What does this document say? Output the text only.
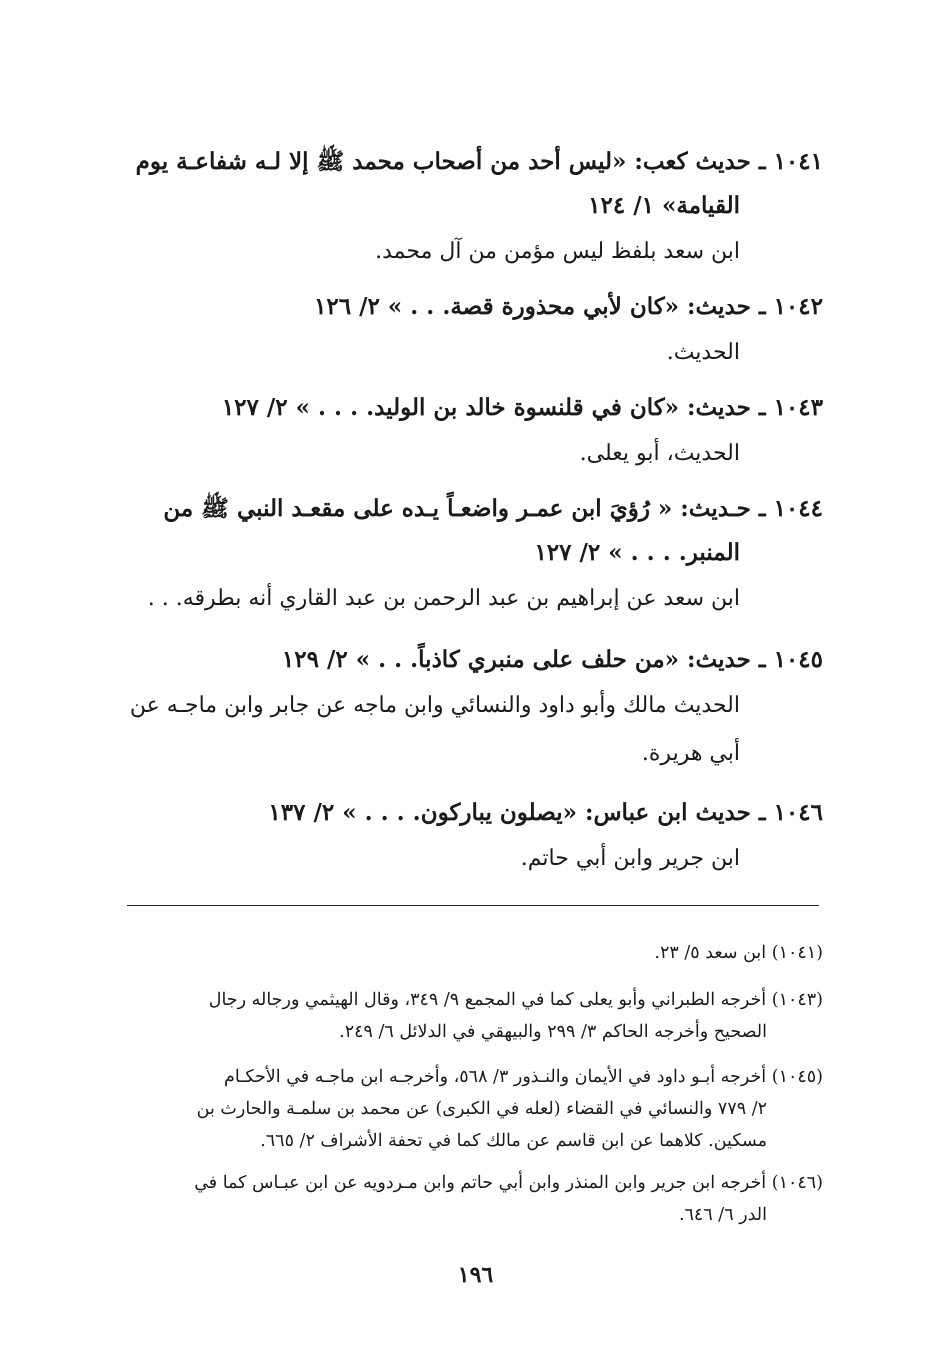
١٠٤١ ـ حديث كعب: «ليس أحد من أصحاب محمد ﷺ إلا لـه شفاعـة يوم
القيامة» ١/ ١٢٤
ابن سعد بلفظ ليس مؤمن من آل محمد.
١٠٤٢ ـ حديث: «كان لأبي محذورة قصة. . . » ٢/ ١٢٦
الحديث.
١٠٤٣ ـ حديث: «كان في قلنسوة خالد بن الوليد. . . . » ٢/ ١٢٧
الحديث، أبو يعلى.
١٠٤٤ ـ حـديث: « رُؤيَ ابن عمـر واضعـاً يـده على مقعـد النبي ﷺ من
المنبر. . . . » ٢/ ١٢٧
ابن سعد عن إبراهيم بن عبد الرحمن بن عبد القاري أنه بطرقه. . .
١٠٤٥ ـ حديث: «من حلف على منبري كاذباً. . . » ٢/ ١٢٩
الحديث مالك وأبو داود والنسائي وابن ماجه عن جابر وابن ماجـه عن
أبي هريرة.
١٠٤٦ ـ حديث ابن عباس: «يصلون يباركون. . . . » ٢/ ١٣٧
ابن جرير وابن أبي حاتم.
(١٠٤١) ابن سعد ٥/ ٢٣.
(١٠٤٣) أخرجه الطبراني وأبو يعلى كما في المجمع ٩/ ٣٤٩، وقال الهيثمي ورجاله رجال
الصحيح وأخرجه الحاكم ٣/ ٢٩٩ والبيهقي في الدلائل ٦/ ٢٤٩.
(١٠٤٥) أخرجه أبـو داود في الأيمان والنـذور ٣/ ٥٦٨، وأخرجـه ابن ماجـه في الأحكـام
٢/ ٧٧٩ والنسائي في القضاء (لعله في الكبرى) عن محمد بن سلمـة والحارث بن
مسكين. كلاهما عن ابن قاسم عن مالك كما في تحفة الأشراف ٢/ ٦٦٥.
(١٠٤٦) أخرجه ابن جرير وابن المنذر وابن أبي حاتم وابن مـردويه عن ابن عبـاس كما في
الدر ٦/ ٦٤٦.
١٩٦
